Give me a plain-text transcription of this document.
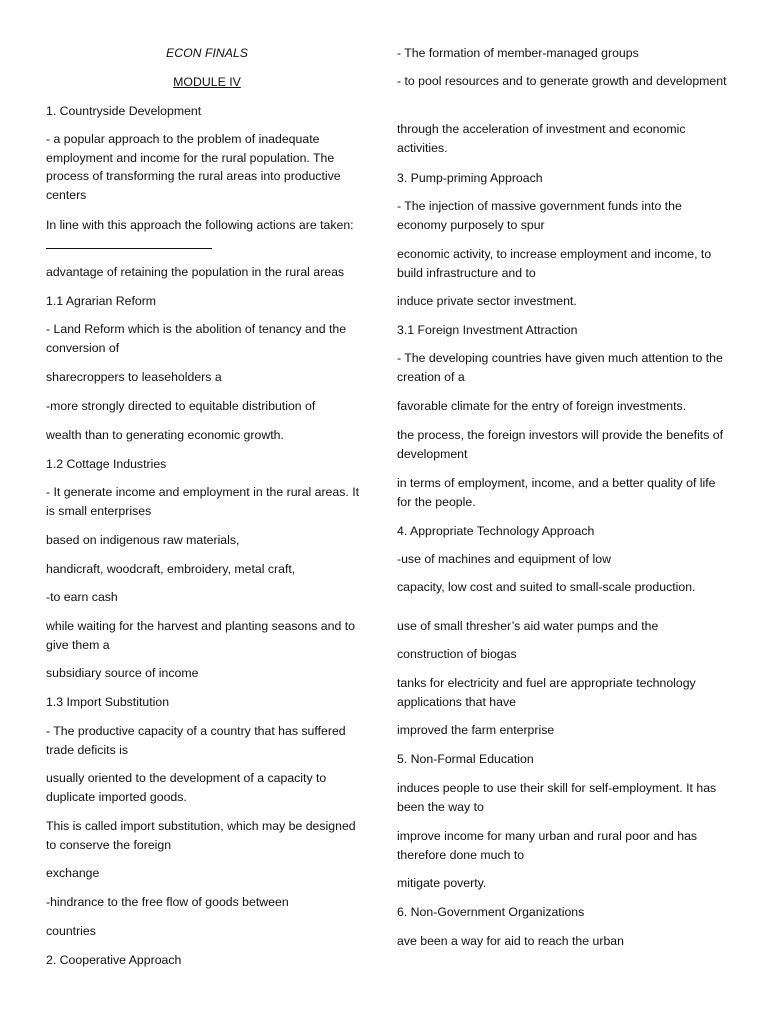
ECON FINALS

MODULE IV

1. Countryside Development

- a popular approach to the problem of inadequate employment and income for the rural population. The process of transforming the rural areas into productive centers

In line with this approach the following actions are taken:

advantage of retaining the population in the rural areas

1.1 Agrarian Reform

- Land Reform which is the abolition of tenancy and the conversion of

sharecroppers to leaseholders a

-more strongly directed to equitable distribution of

wealth than to generating economic growth.

1.2 Cottage Industries

- It generate income and employment in the rural areas. It is small enterprises

based on indigenous raw materials,

handicraft, woodcraft, embroidery, metal craft,

-to earn cash

while waiting for the harvest and planting seasons and to give them a

subsidiary source of income

1.3 Import Substitution

- The productive capacity of a country that has suffered trade deficits is

usually oriented to the development of a capacity to duplicate imported goods.

This is called import substitution, which may be designed to conserve the foreign

exchange

-hindrance to the free flow of goods between

countries

2. Cooperative Approach

- The formation of member-managed groups

- to pool resources and to generate growth and development

through the acceleration of investment and economic activities.

3. Pump-priming Approach

- The injection of massive government funds into the economy purposely to spur

economic activity, to increase employment and income, to build infrastructure and to

induce private sector investment.

3.1 Foreign Investment Attraction

- The developing countries have given much attention to the creation of a

favorable climate for the entry of foreign investments.

the process, the foreign investors will provide the benefits of development

in terms of employment, income, and a better quality of life for the people.

4. Appropriate Technology Approach

-use of machines and equipment of low

capacity, low cost and suited to small-scale production.

use of small thresher’s aid water pumps and the

construction of biogas

tanks for electricity and fuel are appropriate technology applications that have

improved the farm enterprise

5. Non-Formal Education

induces people to use their skill for self-employment. It has been the way to

improve income for many urban and rural poor and has therefore done much to

mitigate poverty.

6. Non-Government Organizations

ave been a way for aid to reach the urban
